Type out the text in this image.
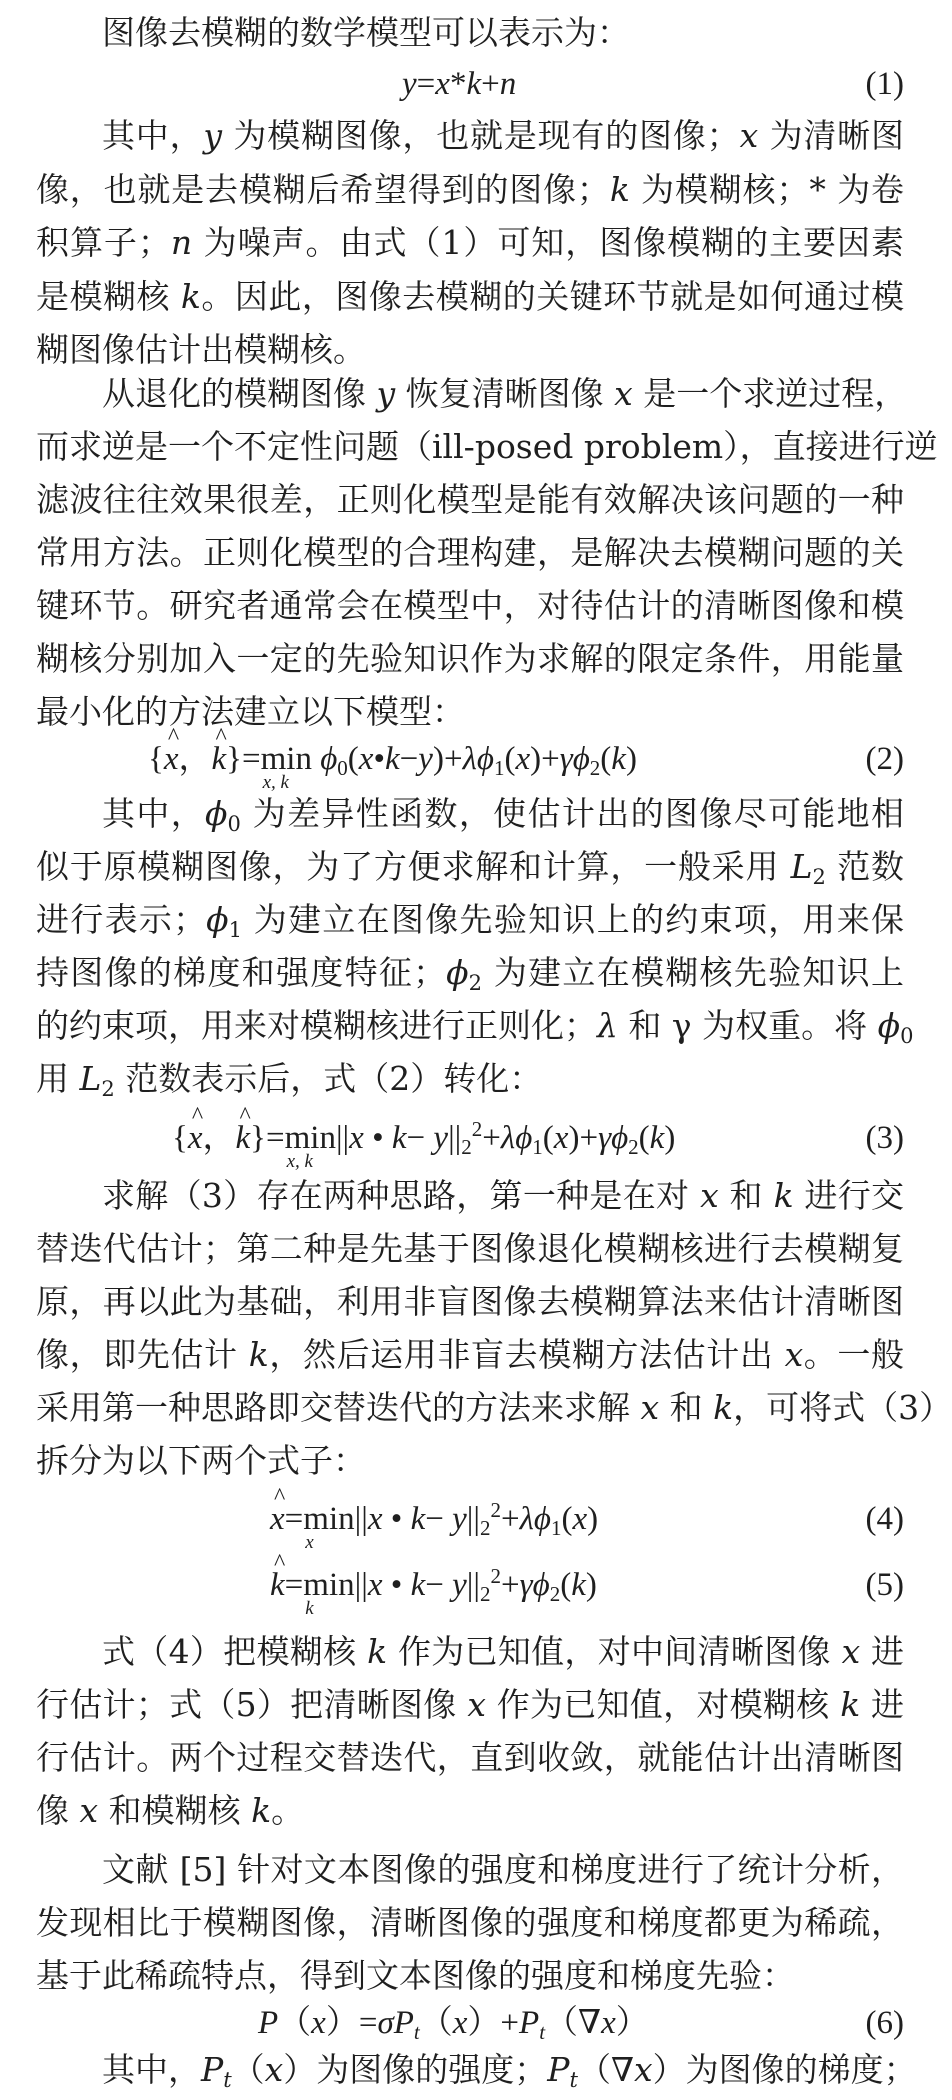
图像去模糊的数学模型可以表示为：
y=x*k+n	(1)
其中，y 为模糊图像，也就是现有的图像；x 为清晰图
像，也就是去模糊后希望得到的图像；k 为模糊核；* 为卷
积算子；n 为噪声。由式（1）可知，图像模糊的主要因素
是模糊核 k。因此，图像去模糊的关键环节就是如何通过模
糊图像估计出模糊核。
从退化的模糊图像 y 恢复清晰图像 x 是一个求逆过程，
而求逆是一个不定性问题（ill-posed problem），直接进行逆
滤波往往效果很差，正则化模型是能有效解决该问题的一种
常用方法。正则化模型的合理构建，是解决去模糊问题的关
键环节。研究者通常会在模型中，对待估计的清晰图像和模
糊核分别加入一定的先验知识作为求解的限定条件，用能量
最小化的方法建立以下模型：
{^ x，^ k}=min
x, k
$\phi_0(x•k-y)+\lambda\phi_1(x)+\gamma\phi_2(k)$	(2)
其中，$\phi_0$ 为差异性函数，使估计出的图像尽可能地相
似于原模糊图像，为了方便求解和计算，一般采用 $L_2$ 范数
进行表示；$\phi_1$ 为建立在图像先验知识上的约束项，用来保
持图像的梯度和强度特征；$\phi_2$ 为建立在模糊核先验知识上
的约束项，用来对模糊核进行正则化；λ 和 γ 为权重。将 $\phi_0$
用 $L_2$ 范数表示后，式（2）转化：
{^ x，^ k}=min
x, k
||x • $k- y||_2^2+\lambda\phi_1(x)+\gamma\phi_2(k)$	(3)
求解（3）存在两种思路，第一种是在对 x 和 k 进行交
替迭代估计；第二种是先基于图像退化模糊核进行去模糊复
原，再以此为基础，利用非盲图像去模糊算法来估计清晰图
像，即先估计 k，然后运用非盲去模糊方法估计出 x。一般
采用第一种思路即交替迭代的方法来求解 x 和 k，可将式（3）
拆分为以下两个式子：
^ x=min
x
||x • $k- y||_2^2+\lambda\phi_1(x)$	(4)
^ k=min
k
||x • $k- y||_2^2+\gamma\phi_2(k)$	(5)
式（4）把模糊核 k 作为已知值，对中间清晰图像 x 进
行估计；式（5）把清晰图像 x 作为已知值，对模糊核 k 进
行估计。两个过程交替迭代，直到收敛，就能估计出清晰图
像 x 和模糊核 k。
文献 [5] 针对文本图像的强度和梯度进行了统计分析，
发现相比于模糊图像，清晰图像的强度和梯度都更为稀疏，
基于此稀疏特点，得到文本图像的强度和梯度先验：
$P(x)=\sigma P_t(x)+P_t(\nabla x)$	(6)
其中，$P_t(x)$为图像的强度；$P_t(\nabla x)$为图像的梯度；
